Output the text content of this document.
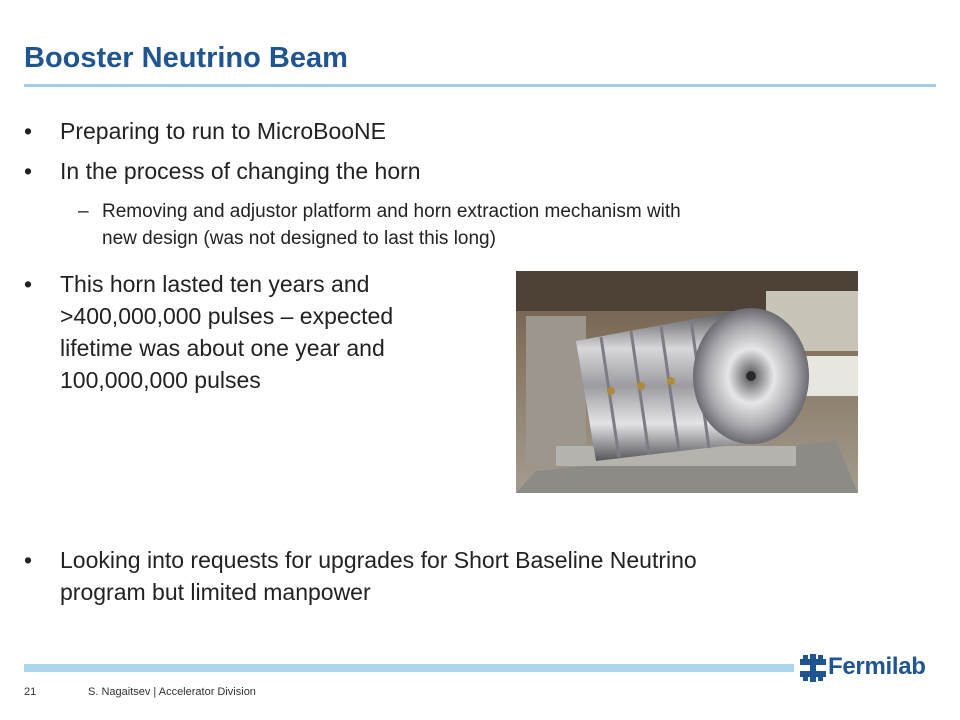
Booster Neutrino Beam
• Preparing to run to MicroBooNE
• In the process of changing the horn
– Removing and adjustor platform and horn extraction mechanism with
new design (was not designed to last this long)
• This horn lasted ten years and
>400,000,000 pulses – expected
lifetime was about one year and
100,000,000 pulses
• Looking into requests for upgrades for Short Baseline Neutrino
program but limited manpower
Fermilab
21	S. Nagaitsev | Accelerator Division
